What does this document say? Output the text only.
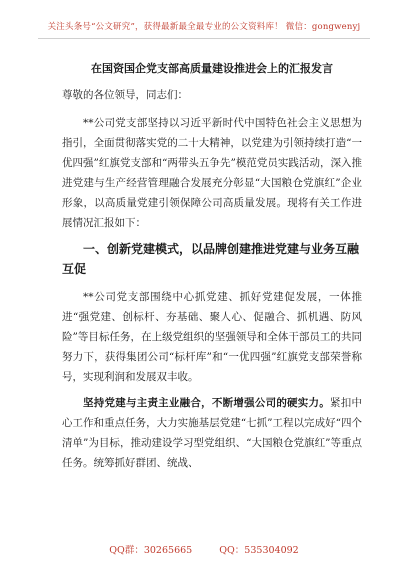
关注头条号“公文研究”，获得最新最全最专业的公文资料库！ 微信：gongwenyj
在国资国企党支部高质量建设推进会上的汇报发言
尊敬的各位领导，同志们：

**公司党支部坚持以习近平新时代中国特色社会主义思想为指引，全面贯彻落实党的二十大精神，以党建为引领持续打造“一优四强”红旗党支部和“两带头五争先”模范党员实践活动，深入推进党建与生产经营管理融合发展充分彰显“大国粮仓党旗红”企业形象，以高质量党建引领保障公司高质量发展。现将有关工作进展情况汇报如下：

一、创新党建模式，以品牌创建推进党建与业务互融互促

**公司党支部围绕中心抓党建、抓好党建促发展，一体推进“强党建、创标杆、夯基础、聚人心、促融合、抓机遇、防风险”等目标任务，在上级党组织的坚强领导和全体干部员工的共同努力下，获得集团公司“标杆库”和“一优四强”红旗党支部荣誉称号，实现利润和发展双丰收。

坚持党建与主责主业融合，不断增强公司的硬实力。紧扣中心工作和重点任务，大力实施基层党建“七抓”工程以完成好“四个清单”为目标，推动建设学习型党组织、“大国粮仓党旗红”等重点任务。统筹抓好群团、统战、

QQ群：30265665	QQ：535304092
